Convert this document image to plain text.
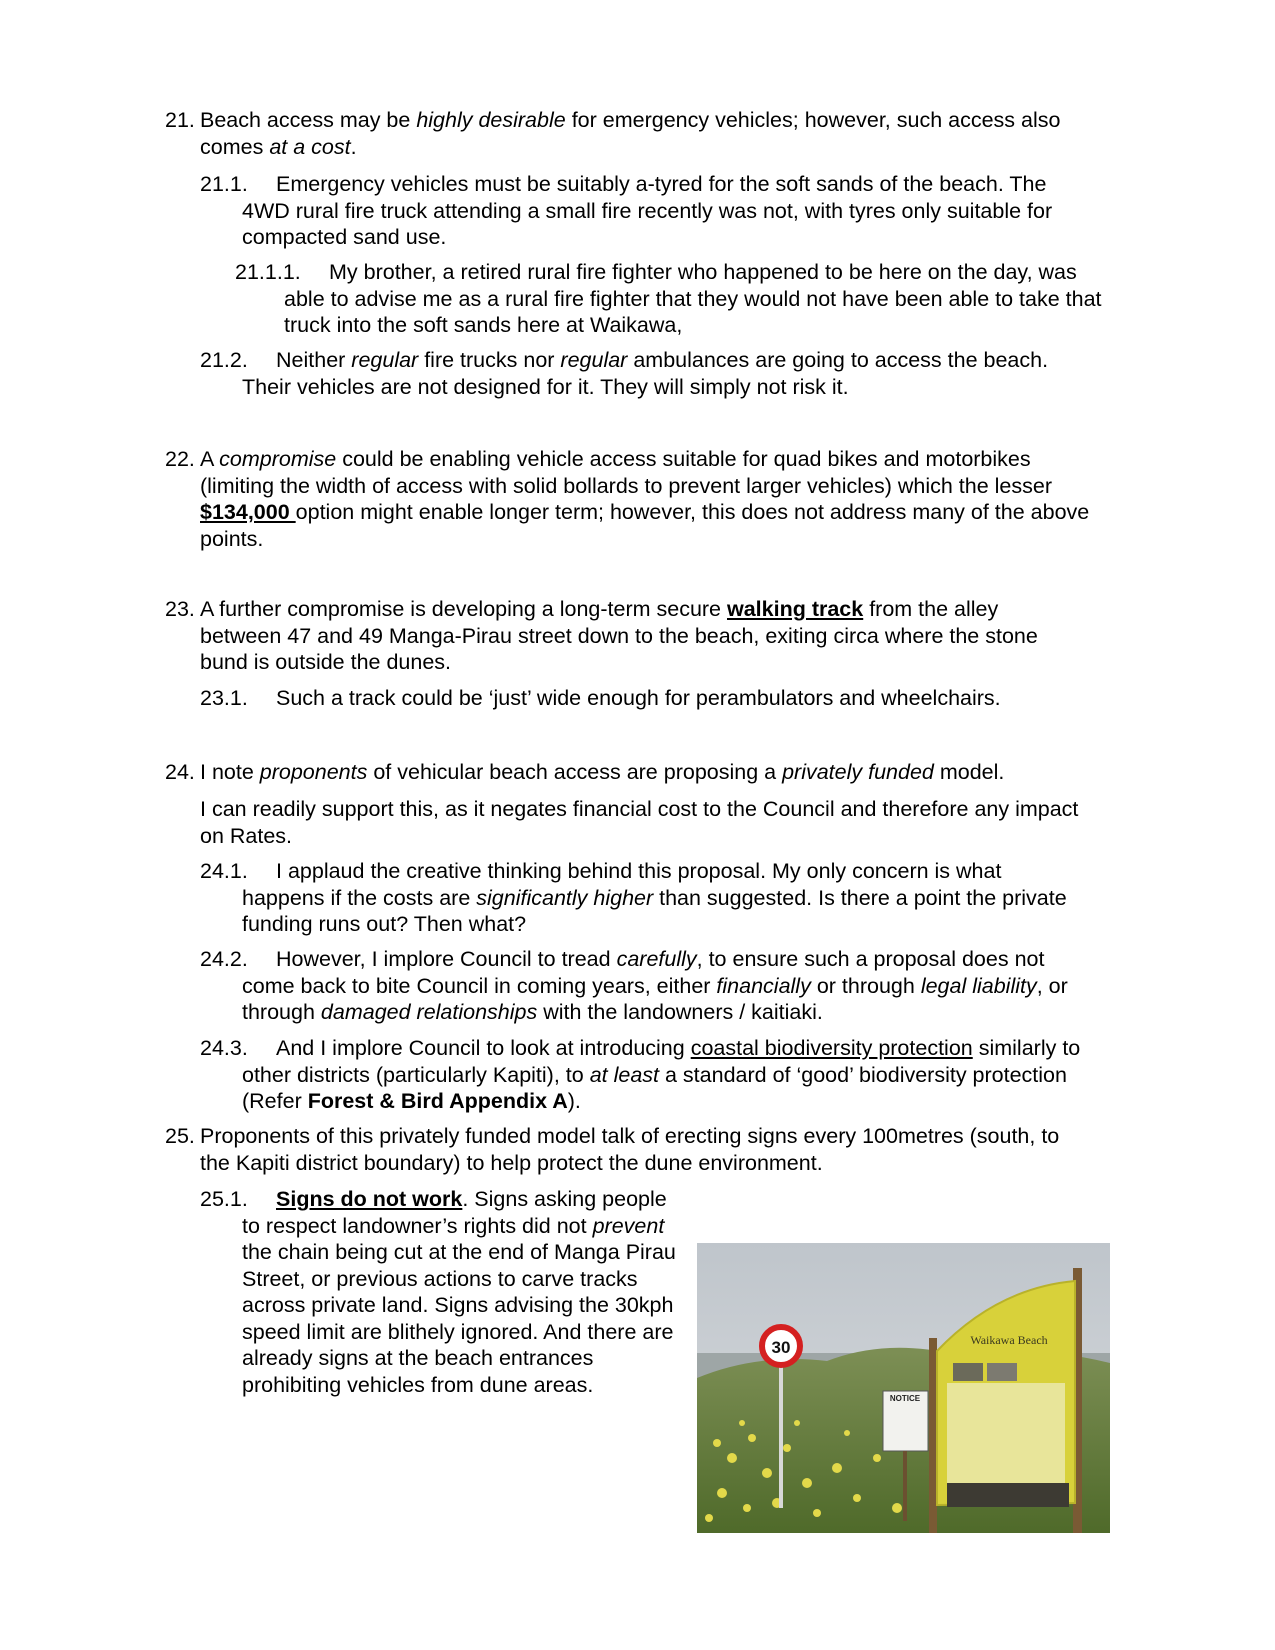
21. Beach access may be highly desirable for emergency vehicles; however, such access also comes at a cost.
21.1.	Emergency vehicles must be suitably a-tyred for the soft sands of the beach. The 4WD rural fire truck attending a small fire recently was not, with tyres only suitable for compacted sand use.
21.1.1.	My brother, a retired rural fire fighter who happened to be here on the day, was able to advise me as a rural fire fighter that they would not have been able to take that truck into the soft sands here at Waikawa,
21.2.	Neither regular fire trucks nor regular ambulances are going to access the beach. Their vehicles are not designed for it. They will simply not risk it.
22. A compromise could be enabling vehicle access suitable for quad bikes and motorbikes (limiting the width of access with solid bollards to prevent larger vehicles) which the lesser $134,000 option might enable longer term; however, this does not address many of the above points.
23. A further compromise is developing a long-term secure walking track from the alley between 47 and 49 Manga-Pirau street down to the beach, exiting circa where the stone bund is outside the dunes.
23.1. Such a track could be ‘just’ wide enough for perambulators and wheelchairs.
24. I note proponents of vehicular beach access are proposing a privately funded model.
I can readily support this, as it negates financial cost to the Council and therefore any impact on Rates.
24.1.	I applaud the creative thinking behind this proposal. My only concern is what happens if the costs are significantly higher than suggested. Is there a point the private funding runs out? Then what?
24.2.	However, I implore Council to tread carefully, to ensure such a proposal does not come back to bite Council in coming years, either financially or through legal liability, or through damaged relationships with the landowners / kaitiaki.
24.3.	And I implore Council to look at introducing coastal biodiversity protection similarly to other districts (particularly Kapiti), to at least a standard of ‘good’ biodiversity protection (Refer Forest & Bird Appendix A).
25. Proponents of this privately funded model talk of erecting signs every 100metres (south, to the Kapiti district boundary) to help protect the dune environment.
25.1.	Signs do not work. Signs asking people to respect landowner’s rights did not prevent the chain being cut at the end of Manga Pirau Street, or previous actions to carve tracks across private land. Signs advising the 30kph speed limit are blithely ignored. And there are already signs at the beach entrances prohibiting vehicles from dune areas.
30
NOTICE
Waikawa Beach
